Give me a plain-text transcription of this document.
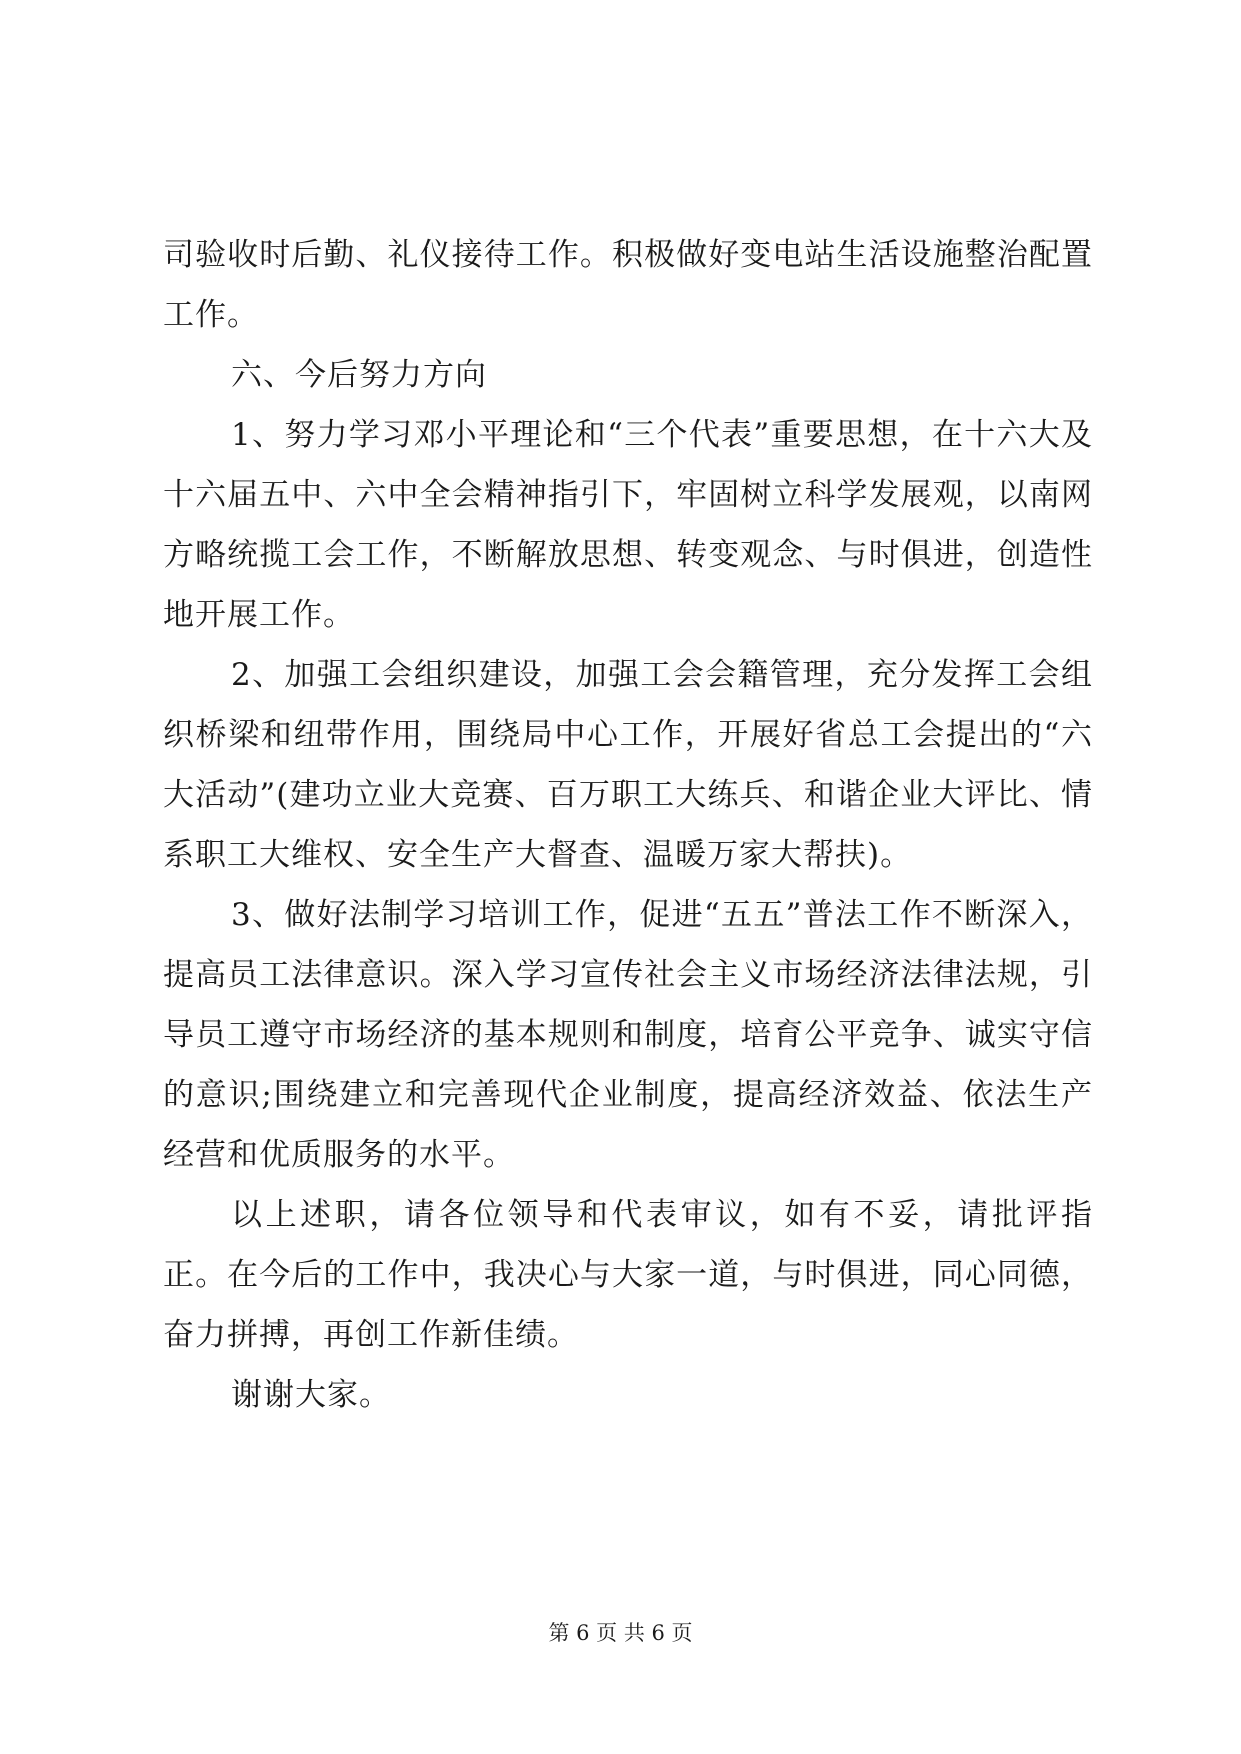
司验收时后勤、礼仪接待工作。积极做好变电站生活设施整治配置工作。

六、今后努力方向

1、努力学习邓小平理论和“三个代表”重要思想，在十六大及十六届五中、六中全会精神指引下，牢固树立科学发展观，以南网方略统揽工会工作，不断解放思想、转变观念、与时俱进，创造性地开展工作。

2、加强工会组织建设，加强工会会籍管理，充分发挥工会组织桥梁和纽带作用，围绕局中心工作，开展好省总工会提出的“六大活动”(建功立业大竞赛、百万职工大练兵、和谐企业大评比、情系职工大维权、安全生产大督查、温暖万家大帮扶)。

3、做好法制学习培训工作，促进“五五”普法工作不断深入，提高员工法律意识。深入学习宣传社会主义市场经济法律法规，引导员工遵守市场经济的基本规则和制度，培育公平竞争、诚实守信的意识;围绕建立和完善现代企业制度，提高经济效益、依法生产经营和优质服务的水平。

以上述职，请各位领导和代表审议，如有不妥，请批评指正。在今后的工作中，我决心与大家一道，与时俱进，同心同德，奋力拼搏，再创工作新佳绩。

谢谢大家。

第 6 页 共 6 页
